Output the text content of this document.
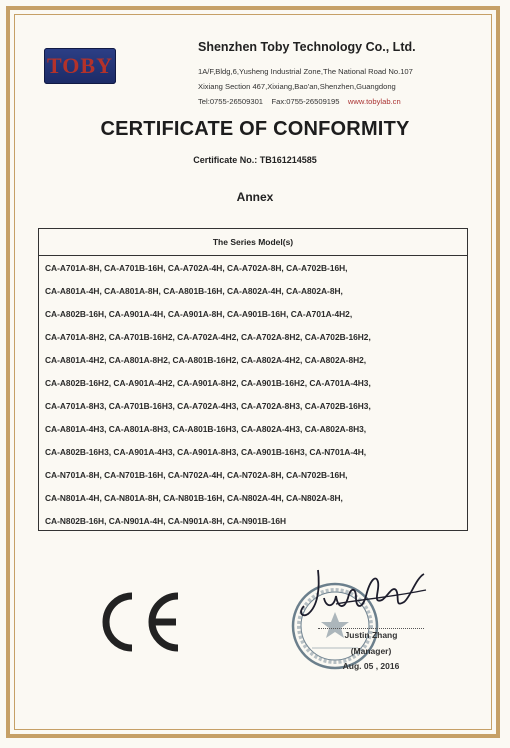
TOBY
Shenzhen Toby Technology Co., Ltd.
1A/F,Bldg,6,Yusheng Industrial Zone,The National Road No.107
Xixiang Section 467,Xixiang,Bao'an,Shenzhen,Guangdong
Tel:0755-26509301 Fax:0755-26509195 www.tobylab.cn
CERTIFICATE OF CONFORMITY
Certificate No.: TB161214585
Annex
The Series Model(s)
CA-A701A-8H, CA-A701B-16H, CA-A702A-4H, CA-A702A-8H, CA-A702B-16H,
CA-A801A-4H, CA-A801A-8H, CA-A801B-16H, CA-A802A-4H, CA-A802A-8H,
CA-A802B-16H, CA-A901A-4H, CA-A901A-8H, CA-A901B-16H, CA-A701A-4H2,
CA-A701A-8H2, CA-A701B-16H2, CA-A702A-4H2, CA-A702A-8H2, CA-A702B-16H2,
CA-A801A-4H2, CA-A801A-8H2, CA-A801B-16H2, CA-A802A-4H2, CA-A802A-8H2,
CA-A802B-16H2, CA-A901A-4H2, CA-A901A-8H2, CA-A901B-16H2, CA-A701A-4H3,
CA-A701A-8H3, CA-A701B-16H3, CA-A702A-4H3, CA-A702A-8H3, CA-A702B-16H3,
CA-A801A-4H3, CA-A801A-8H3, CA-A801B-16H3, CA-A802A-4H3, CA-A802A-8H3,
CA-A802B-16H3, CA-A901A-4H3, CA-A901A-8H3, CA-A901B-16H3, CA-N701A-4H,
CA-N701A-8H, CA-N701B-16H, CA-N702A-4H, CA-N702A-8H, CA-N702B-16H,
CA-N801A-4H, CA-N801A-8H, CA-N801B-16H, CA-N802A-4H, CA-N802A-8H,
CA-N802B-16H, CA-N901A-4H, CA-N901A-8H, CA-N901B-16H
Justin Zhang
(Manager)
Aug. 05 , 2016
